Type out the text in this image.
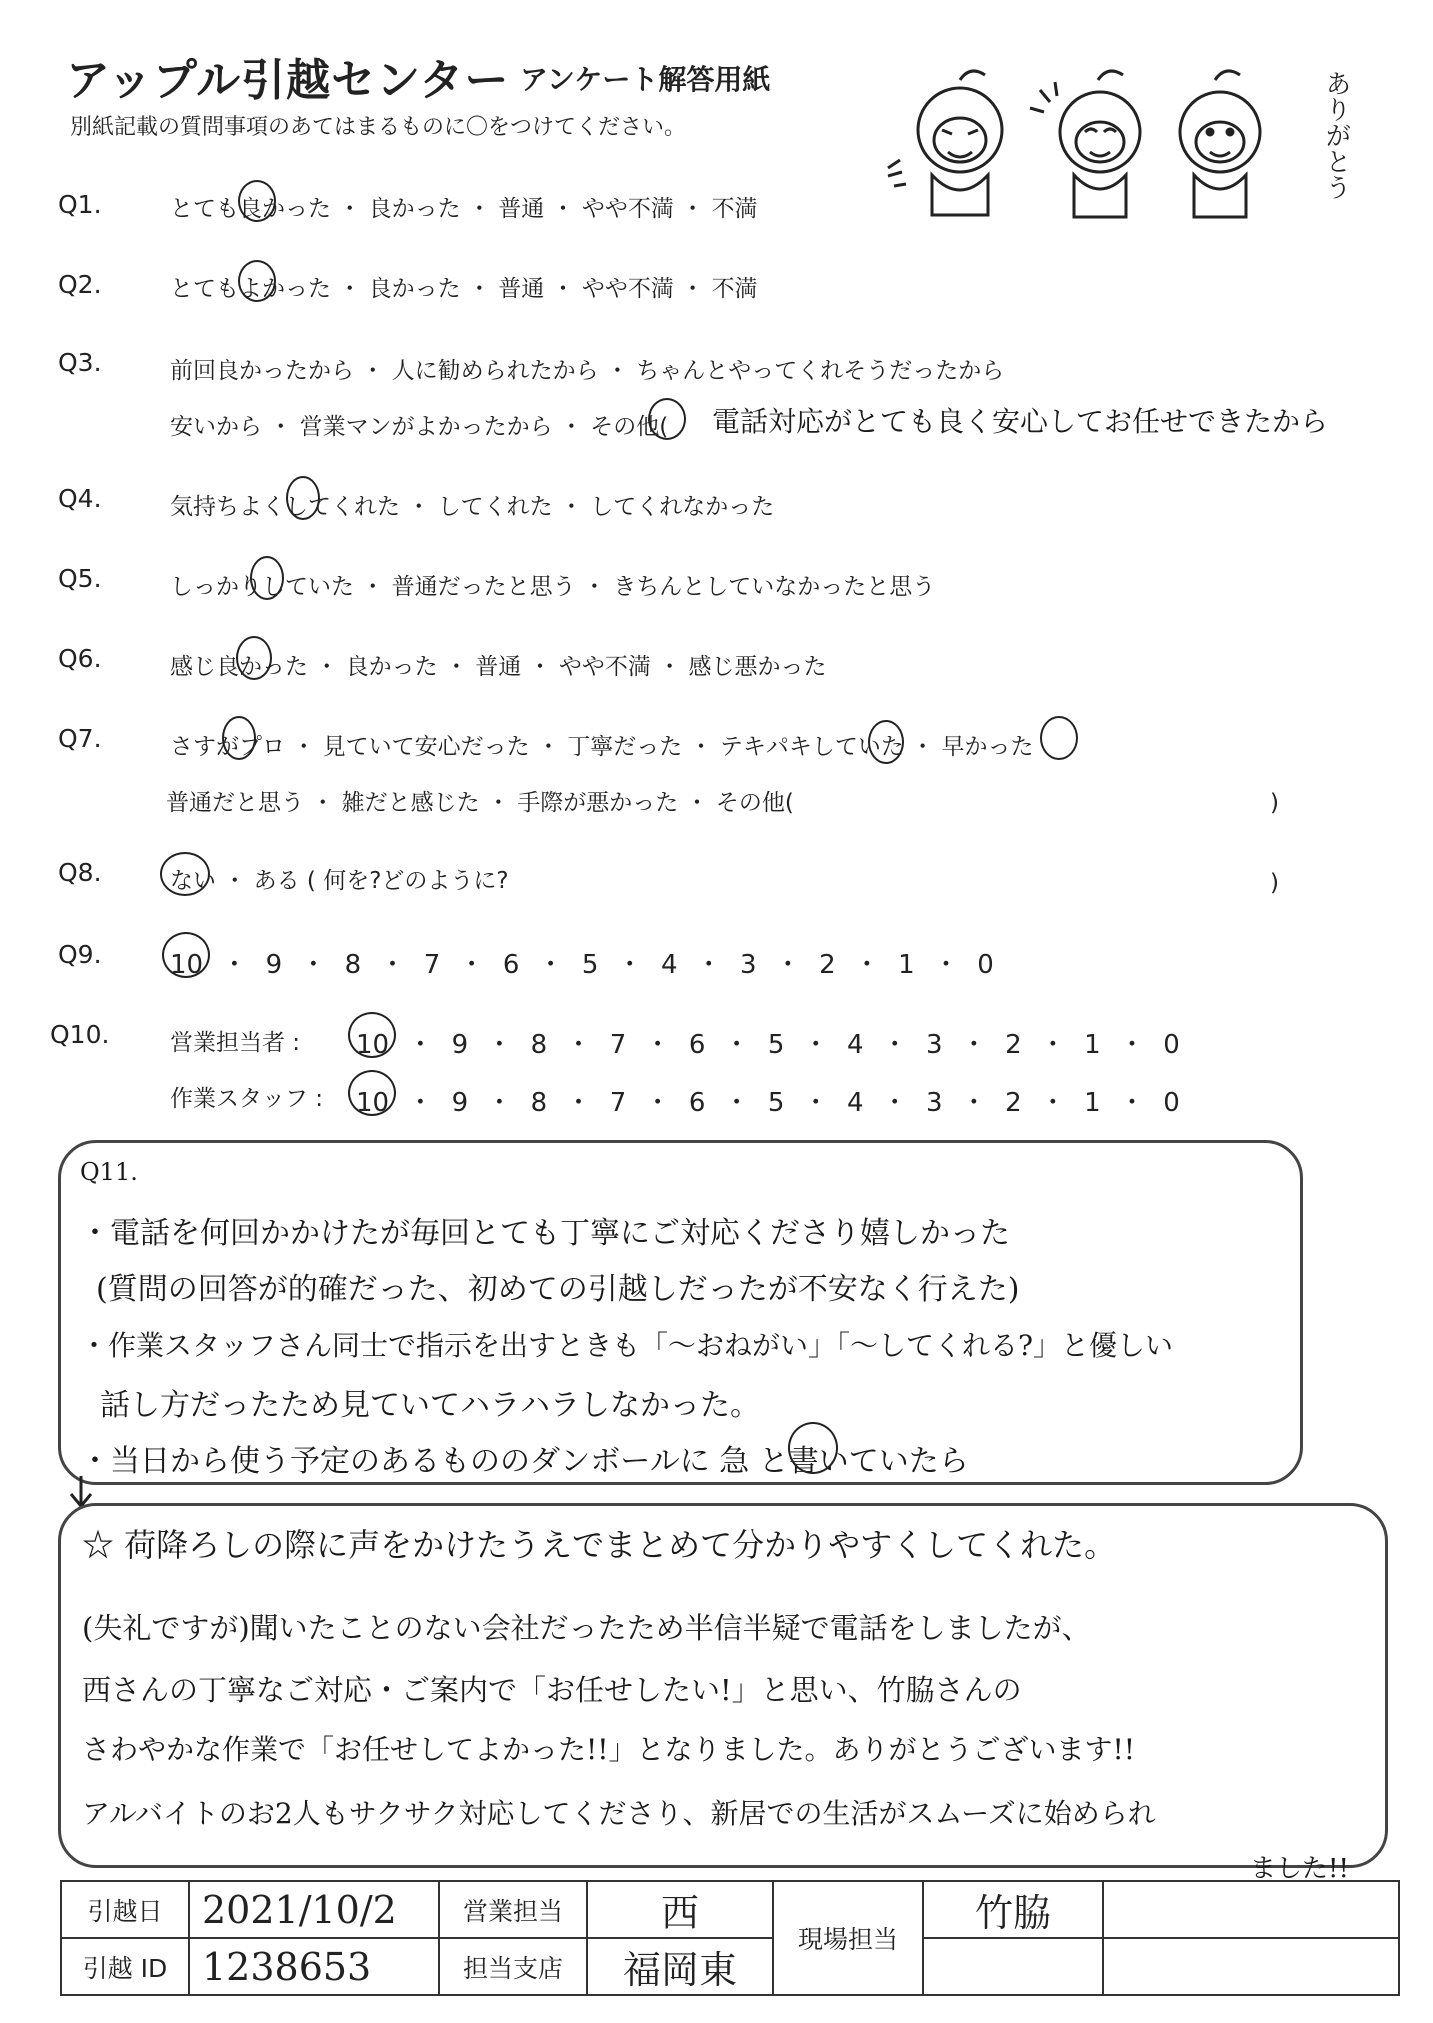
アップル引越センター アンケート解答用紙
別紙記載の質問事項のあてはまるものに〇をつけてください。	ありがとう
Q1.	とても良かった ・ 良かった ・ 普通 ・ やや不満 ・ 不満
Q2.	とてもよかった ・ 良かった ・ 普通 ・ やや不満 ・ 不満
Q3.	前回良かったから ・ 人に勧められたから ・ ちゃんとやってくれそうだったから
安いから ・ 営業マンがよかったから ・ その他( 電話対応がとても良く安心してお任せできたから
Q4.	気持ちよくしてくれた ・ してくれた ・ してくれなかった
Q5.	しっかりしていた ・ 普通だったと思う ・ きちんとしていなかったと思う
Q6.	感じ良かった ・ 良かった ・ 普通 ・ やや不満 ・ 感じ悪かった
Q7.	さすがプロ ・ 見ていて安心だった ・ 丁寧だった ・ テキパキしていた ・ 早かった
普通だと思う ・ 雑だと感じた ・ 手際が悪かった ・ その他(	)
Q8.	ない ・ ある ( 何を?どのように?	)
Q9.	10 ・ 9 ・ 8 ・ 7 ・ 6 ・ 5 ・ 4 ・ 3 ・ 2 ・ 1 ・ 0
Q10.	営業担当者 : 10 ・ 9 ・ 8 ・ 7 ・ 6 ・ 5 ・ 4 ・ 3 ・ 2 ・ 1 ・ 0
作業スタッフ : 10 ・ 9 ・ 8 ・ 7 ・ 6 ・ 5 ・ 4 ・ 3 ・ 2 ・ 1 ・ 0
Q11.
・電話を何回かかけたが毎回とても丁寧にご対応くださり嬉しかった
(質問の回答が的確だった、初めての引越しだったが不安なく行えた)
・作業スタッフさん同士で指示を出すときも「〜おねがい」「〜してくれる?」と優しい
話し方だったため見ていてハラハラしなかった。
・当日から使う予定のあるもののダンボールに 急 と書いていたら
☆ 荷降ろしの際に声をかけたうえでまとめて分かりやすくしてくれた。
(失礼ですが)聞いたことのない会社だったため半信半疑で電話をしましたが、
西さんの丁寧なご対応・ご案内で「お任せしたい!」と思い、竹脇さんの
さわやかな作業で「お任せしてよかった!!」となりました。ありがとうございます!!
アルバイトのお2人もサクサク対応してくださり、新居での生活がスムーズに始められ
ました!!
引越日	2021/10/2	営業担当	西	現場担当	竹脇	
引越 ID	1238653	担当支店	福岡東			
